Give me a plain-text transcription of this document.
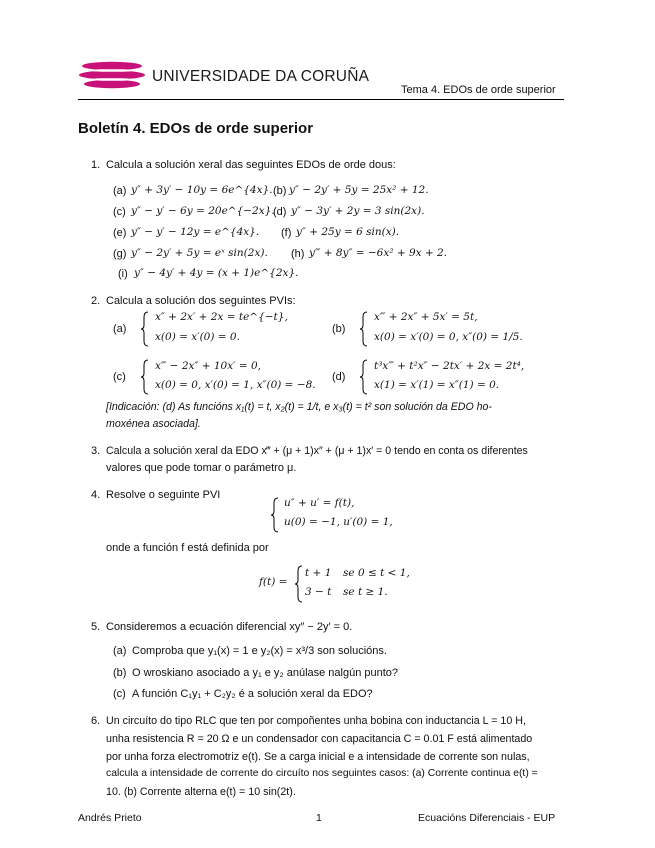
UNIVERSIDADE DA CORUÑA
Tema 4. EDOs de orde superior
Boletín 4. EDOs de orde superior
1. Calcula a solución xeral das seguintes EDOs de orde dous:
(a) y″ + 3y′ − 10y = 6e^{4x}. (b) y″ − 2y′ + 5y = 25x² + 12.
(c) y″ − y′ − 6y = 20e^{−2x}.
(d) y″ − 3y′ + 2y = 3 sin(2x).
(e) y″ − y′ − 12y = e^{4x}. (f) y″ + 25y = 6 sin(x).
(g) y″ − 2y′ + 5y = eˣ sin(2x). (h) y‴ + 8y″ = −6x² + 9x + 2.
(i) y″ − 4y′ + 4y = (x + 1)e^{2x}.
2. Calcula a solución dos seguintes PVIs:
(a)
x″ + 2x′ + 2x = te^{−t},
x(0) = x′(0) = 0.
(b)
x‴ + 2x″ + 5x′ = 5t,
x(0) = x′(0) = 0, x″(0) = 1/5.
(c)
x‴ − 2x″ + 10x′ = 0,
x(0) = 0, x′(0) = 1, x″(0) = −8.
(d)
t³x‴ + t²x″ − 2tx′ + 2x = 2t⁴,
x(1) = x′(1) = x″(1) = 0.
[Indicación: (d) As funcións x₁(t) = t, x₂(t) = 1/t, e x₃(t) = t² son solución da EDO ho-
moxénea asociada].
3. Calcula a solución xeral da EDO x‴ + (μ + 1)x″ + (μ + 1)x′ = 0 tendo en conta os diferentes
valores que pode tomar o parámetro μ.
4. Resolve o seguinte PVI
u″ + u′ = f(t),
u(0) = −1, u′(0) = 1,
onde a función f está definida por
f(t) =
t + 1 se 0 ≤ t < 1,
3 − t se t ≥ 1.
5. Consideremos a ecuación diferencial xy″ − 2y′ = 0.
(a) Comproba que y₁(x) = 1 e y₂(x) = x³/3 son solucións.
(b) O wroskiano asociado a y₁ e y₂ anúlase nalgún punto?
(c) A función C₁y₁ + C₂y₂ é a solución xeral da EDO?
6. Un circuíto do tipo RLC que ten por compoñentes unha bobina con inductancia L = 10 H,
unha resistencia R = 20 Ω e un condensador con capacitancia C = 0.01 F está alimentado
por unha forza electromotriz e(t). Se a carga inicial e a intensidade de corrente son nulas,
calcula a intensidade de corrente do circuíto nos seguintes casos: (a) Corrente continua e(t) =
10. (b) Corrente alterna e(t) = 10 sin(2t).
Andrés Prieto	1	Ecuacións Diferenciais - EUP
